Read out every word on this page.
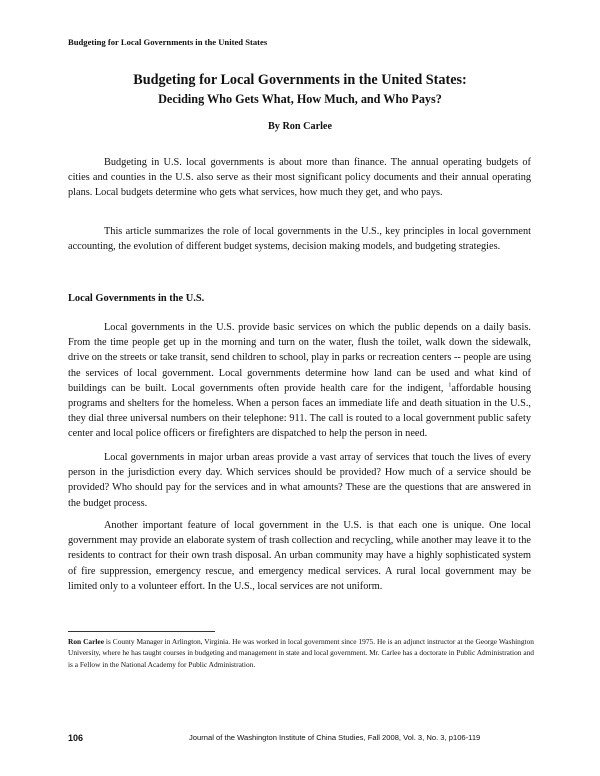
Budgeting for Local Governments in the United States
Budgeting for Local Governments in the United States:
Deciding Who Gets What, How Much, and Who Pays?
By Ron Carlee

Budgeting in U.S. local governments is about more than finance. The annual operating budgets of cities and counties in the U.S. also serve as their most significant policy documents and their annual operating plans. Local budgets determine who gets what services, how much they get, and who pays.

This article summarizes the role of local governments in the U.S., key principles in local government accounting, the evolution of different budget systems, decision making models, and budgeting strategies.

Local Governments in the U.S.

Local governments in the U.S. provide basic services on which the public depends on a daily basis. From the time people get up in the morning and turn on the water, flush the toilet, walk down the sidewalk, drive on the streets or take transit, send children to school, play in parks or recreation centers -- people are using the services of local government. Local governments determine how land can be used and what kind of buildings can be built. Local governments often provide health care for the indigent, $^1$affordable housing programs and shelters for the homeless. When a person faces an immediate life and death situation in the U.S., they dial three universal numbers on their telephone: 911. The call is routed to a local government public safety center and local police officers or firefighters are dispatched to help the person in need.

Local governments in major urban areas provide a vast array of services that touch the lives of every person in the jurisdiction every day. Which services should be provided? How much of a service should be provided? Who should pay for the services and in what amounts? These are the questions that are answered in the budget process.

Another important feature of local government in the U.S. is that each one is unique. One local government may provide an elaborate system of trash collection and recycling, while another may leave it to the residents to contract for their own trash disposal. An urban community may have a highly sophisticated system of fire suppression, emergency rescue, and emergency medical services. A rural local government may be limited only to a volunteer effort. In the U.S., local services are not uniform.

Ron Carlee is County Manager in Arlington, Virginia. He was worked in local government since 1975. He is an adjunct instructor at the George Washington University, where he has taught courses in budgeting and management in state and local government. Mr. Carlee has a doctorate in Public Administration and is a Fellow in the National Academy for Public Administration.
106	Journal of the Washington Institute of China Studies, Fall 2008, Vol. 3, No. 3, p106-119
